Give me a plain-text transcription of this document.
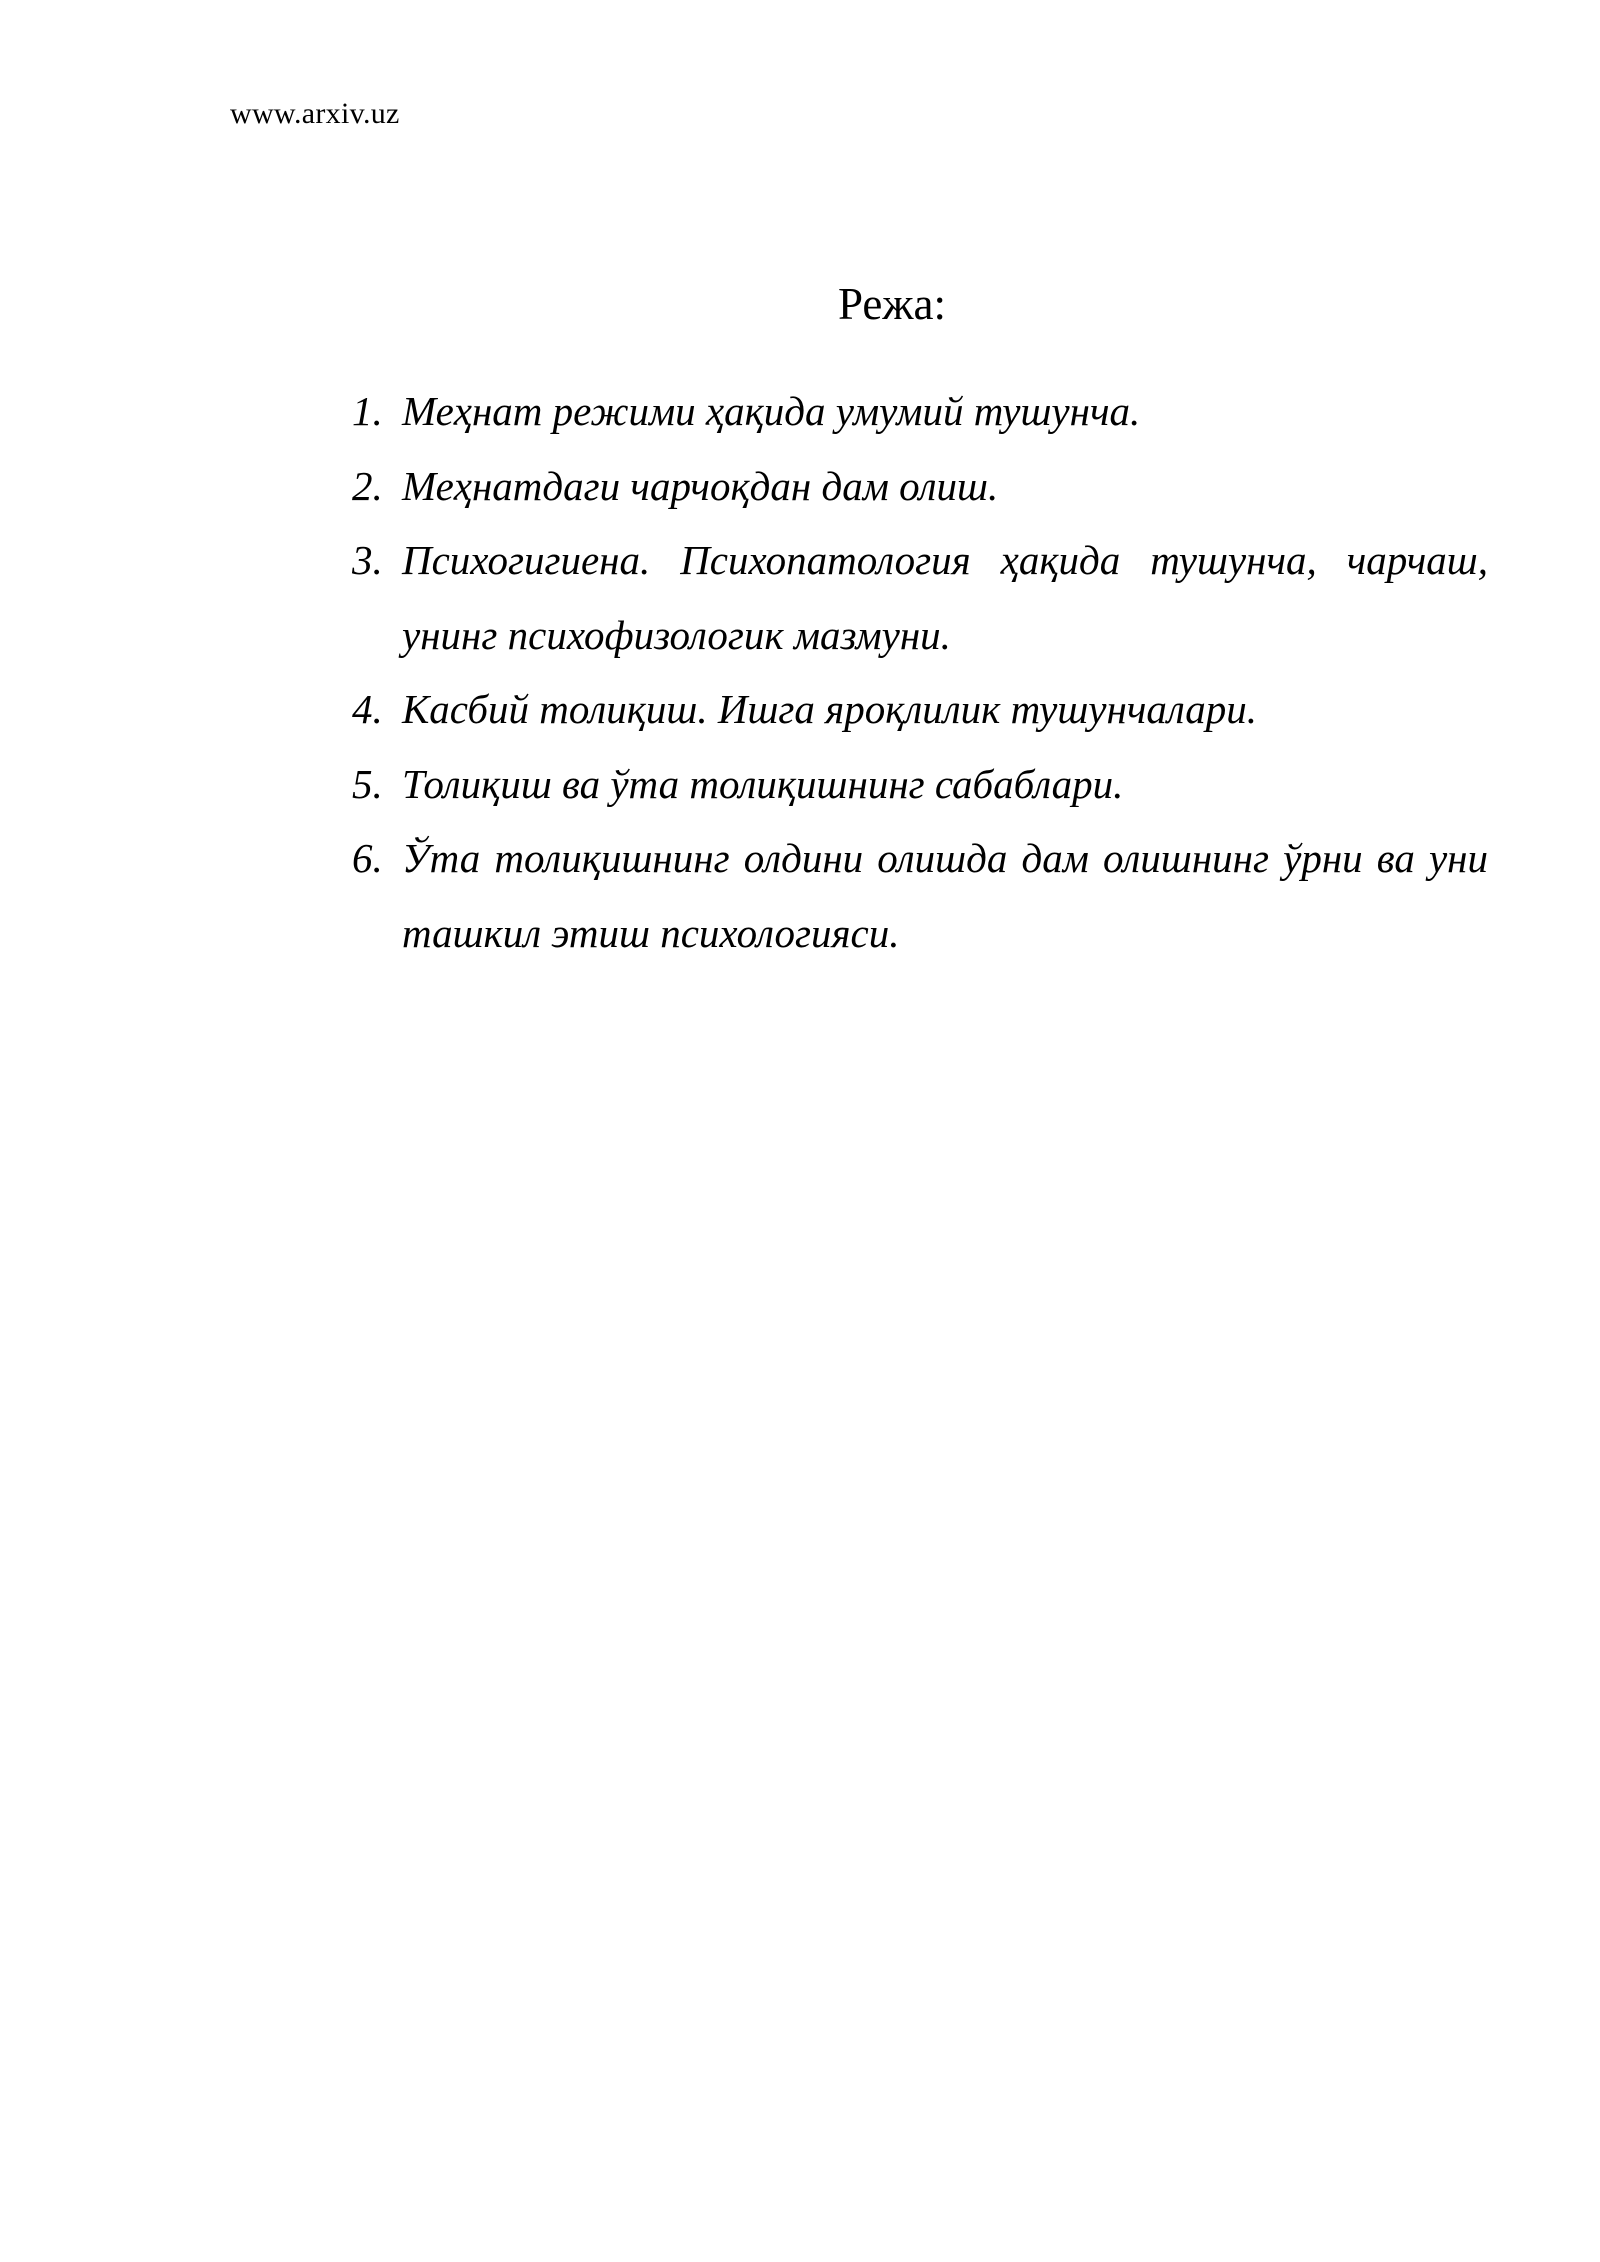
www.arxiv.uz
Режа:
1. Меҳнат режими ҳақида умумий тушунча.
2. Меҳнатдаги чарчоқдан дам олиш.
3. Психогигиена. Психопатология ҳақида тушунча, чарчаш, унинг психофизологик мазмуни.
4. Касбий толиқиш. Ишга яроқлилик тушунчалари.
5. Толиқиш ва ўта толиқишнинг сабаблари.
6. Ўта толиқишнинг олдини олишда дам олишнинг ўрни ва уни ташкил этиш психологияси.
